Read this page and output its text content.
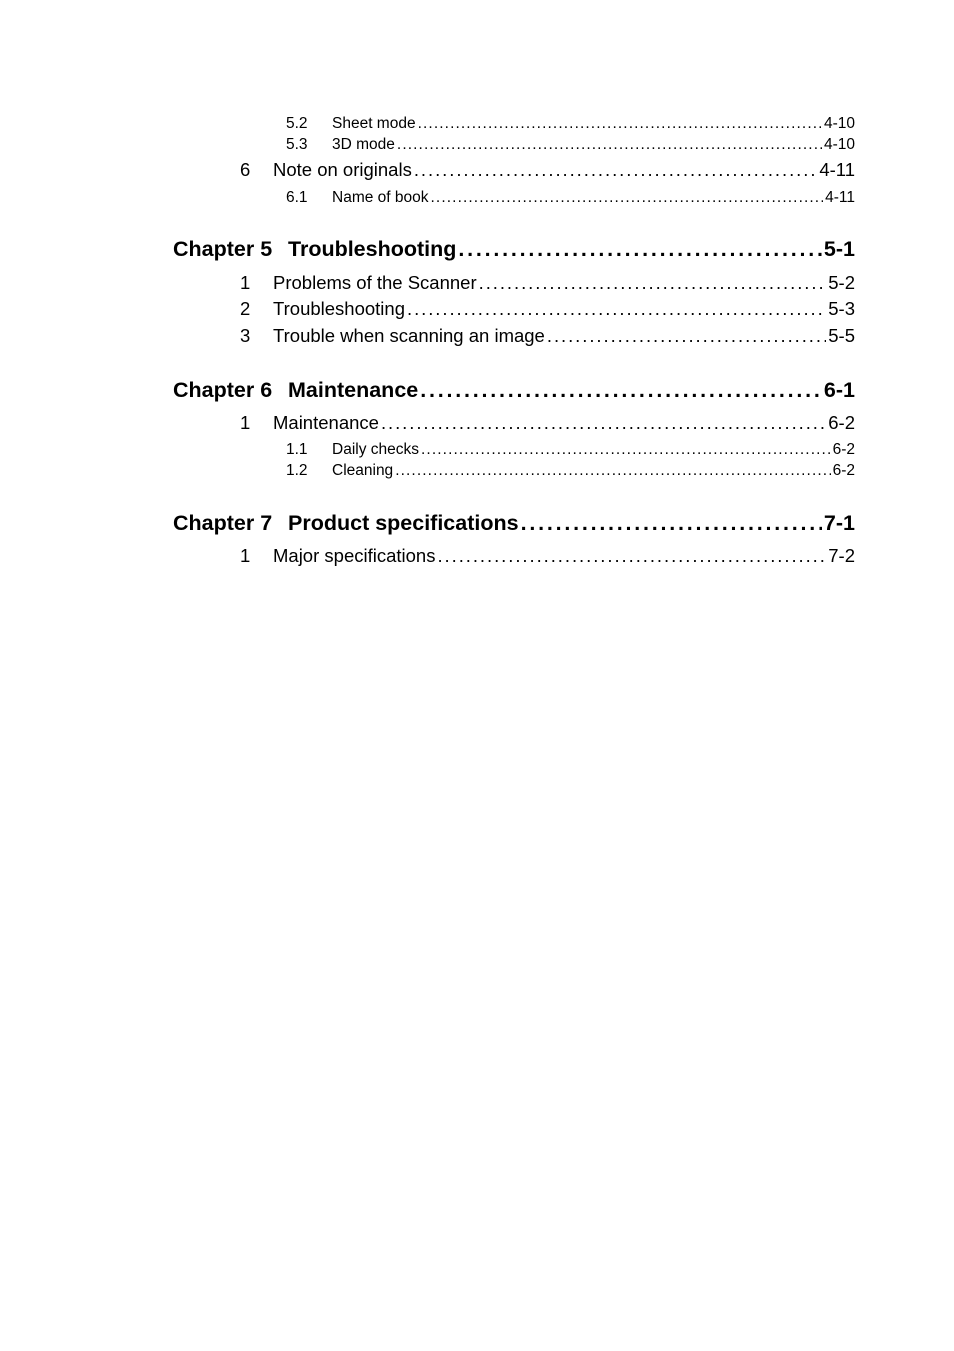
5.2	Sheet mode . . .	4-10
5.3	3D mode . . .	4-10
6	Note on originals . . .	4-11
6.1	Name of book . . .	4-11
Chapter 5 Troubleshooting . . .	5-1
1	Problems of the Scanner . . .	5-2
2	Troubleshooting . . .	5-3
3	Trouble when scanning an image . . .	5-5
Chapter 6 Maintenance . . .	6-1
1	Maintenance . . .	6-2
1.1	Daily checks . . .	6-2
1.2	Cleaning . . .	6-2
Chapter 7 Product specifications . . .	7-1
1	Major specifications . . .	7-2
